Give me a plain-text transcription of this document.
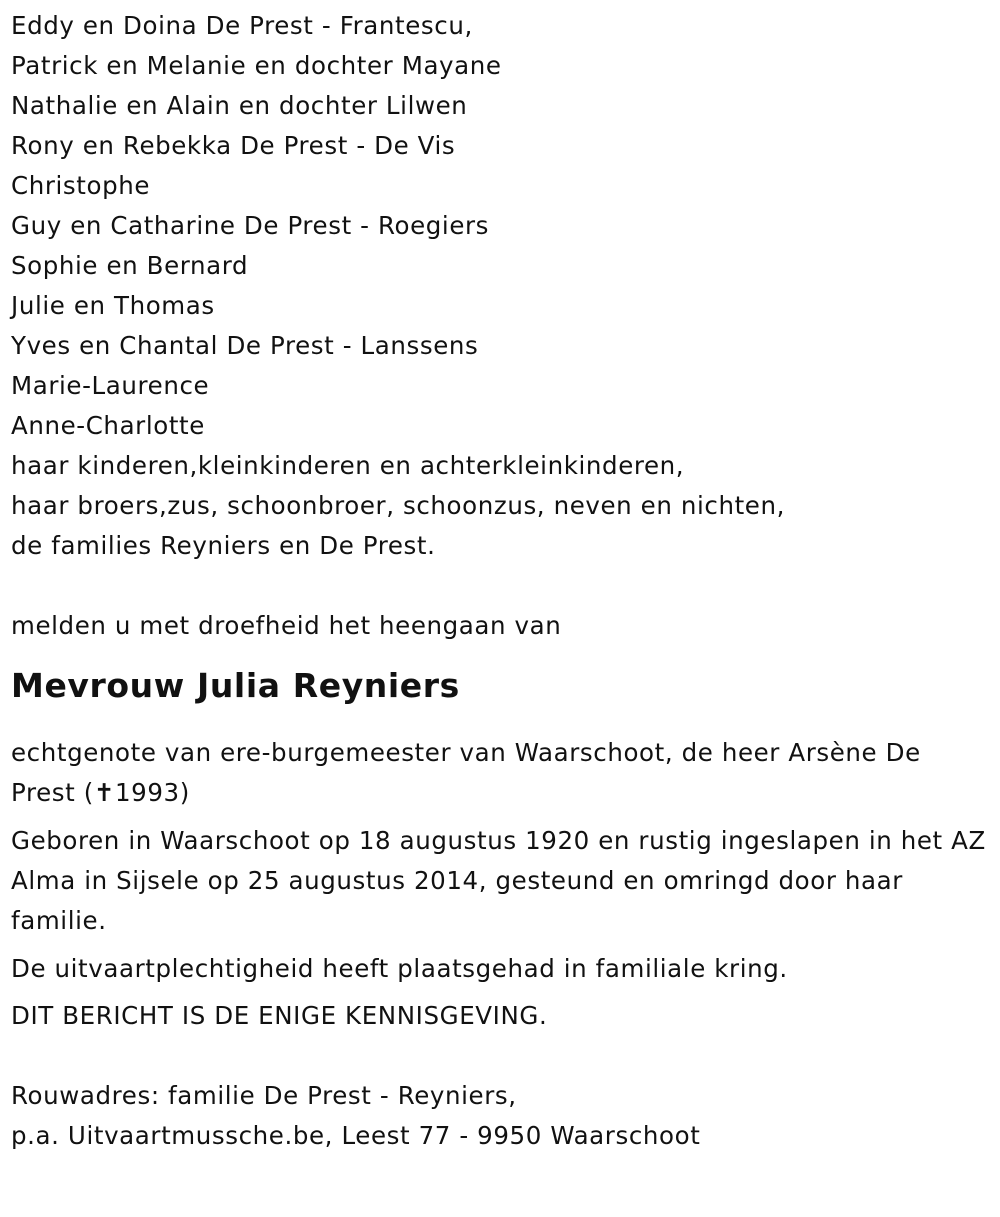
Eddy en Doina De Prest - Frantescu,
Patrick en Melanie en dochter Mayane
Nathalie en Alain en dochter Lilwen
Rony en Rebekka De Prest - De Vis
Christophe
Guy en Catharine De Prest - Roegiers
Sophie en Bernard
Julie en Thomas
Yves en Chantal De Prest - Lanssens
Marie-Laurence
Anne-Charlotte
haar kinderen,kleinkinderen en achterkleinkinderen,
haar broers,zus, schoonbroer, schoonzus, neven en nichten,
de families Reyniers en De Prest.
melden u met droefheid het heengaan van
Mevrouw Julia Reyniers

echtgenote van ere-burgemeester van Waarschoot, de heer Arsène De Prest (✝1993)

Geboren in Waarschoot op 18 augustus 1920 en rustig ingeslapen in het AZ Alma in Sijsele op 25 augustus 2014, gesteund en omringd door haar familie.

De uitvaartplechtigheid heeft plaatsgehad in familiale kring.

DIT BERICHT IS DE ENIGE KENNISGEVING.

Rouwadres: familie De Prest - Reyniers,
p.a. Uitvaartmussche.be, Leest 77 - 9950 Waarschoot
